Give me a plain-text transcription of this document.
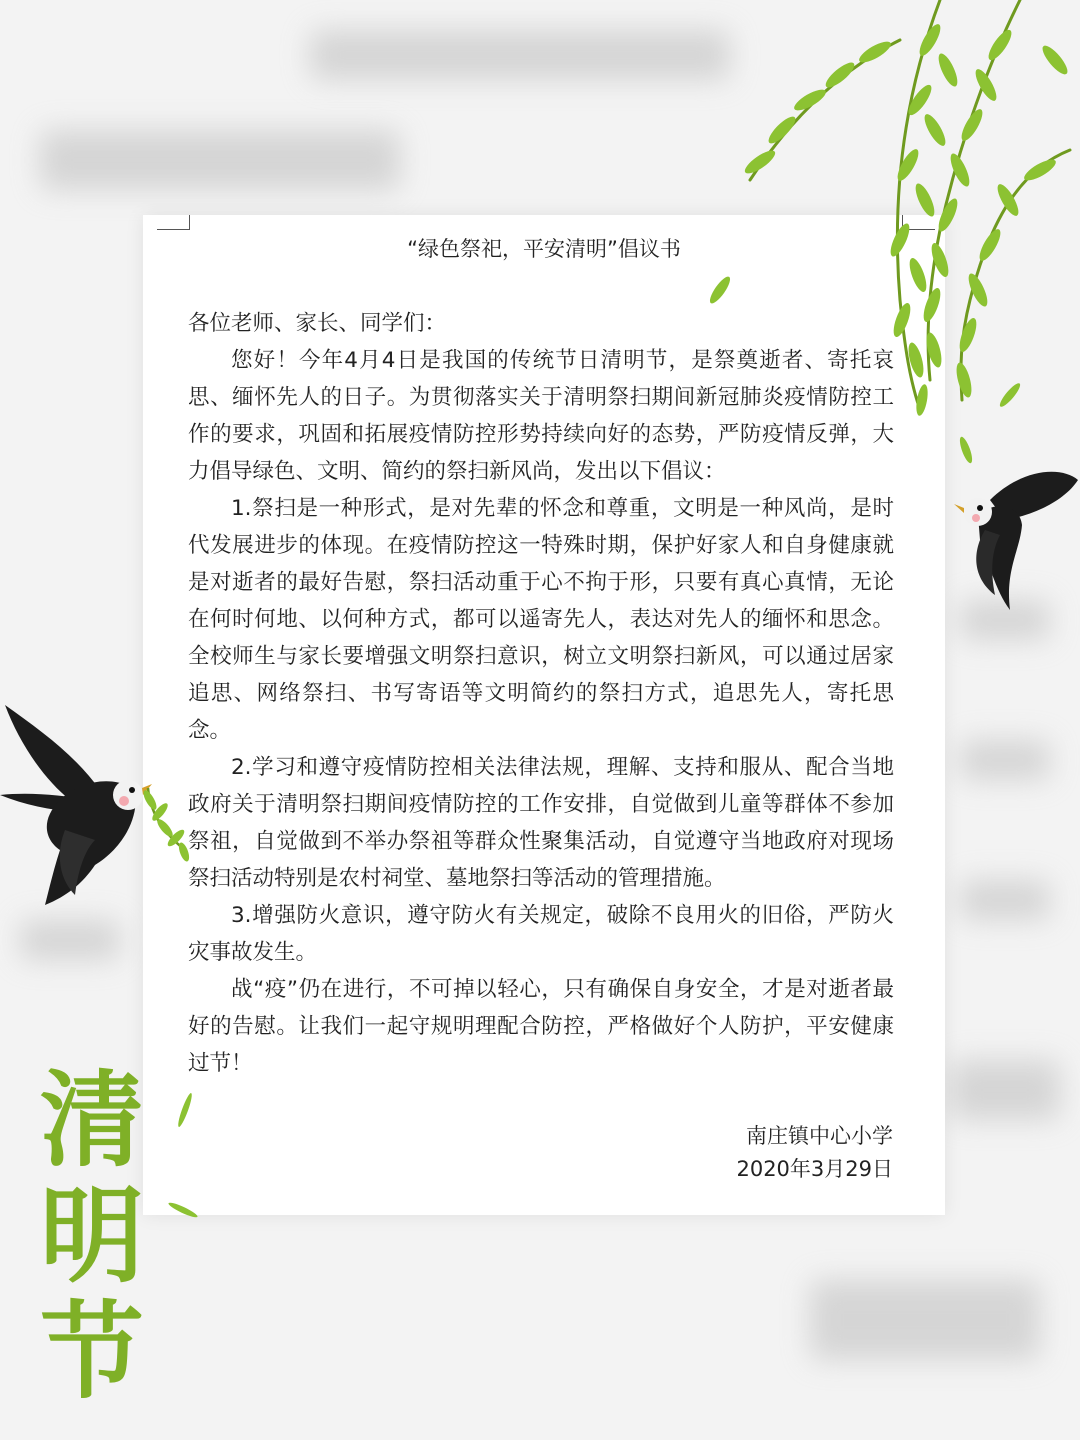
“绿色祭祀，平安清明”倡议书

各位老师、家长、同学们：

您好！今年4月4日是我国的传统节日清明节，是祭奠逝者、寄托哀思、缅怀先人的日子。为贯彻落实关于清明祭扫期间新冠肺炎疫情防控工作的要求，巩固和拓展疫情防控形势持续向好的态势，严防疫情反弹，大力倡导绿色、文明、简约的祭扫新风尚，发出以下倡议：

1.祭扫是一种形式，是对先辈的怀念和尊重，文明是一种风尚，是时代发展进步的体现。在疫情防控这一特殊时期，保护好家人和自身健康就是对逝者的最好告慰，祭扫活动重于心不拘于形，只要有真心真情，无论在何时何地、以何种方式，都可以遥寄先人，表达对先人的缅怀和思念。全校师生与家长要增强文明祭扫意识，树立文明祭扫新风，可以通过居家追思、网络祭扫、书写寄语等文明简约的祭扫方式，追思先人，寄托思念。

2.学习和遵守疫情防控相关法律法规，理解、支持和服从、配合当地政府关于清明祭扫期间疫情防控的工作安排，自觉做到儿童等群体不参加祭祖，自觉做到不举办祭祖等群众性聚集活动，自觉遵守当地政府对现场祭扫活动特别是农村祠堂、墓地祭扫等活动的管理措施。

3.增强防火意识，遵守防火有关规定，破除不良用火的旧俗，严防火灾事故发生。

战“疫”仍在进行，不可掉以轻心，只有确保自身安全，才是对逝者最好的告慰。让我们一起守规明理配合防控，严格做好个人防护，平安健康过节！

南庄镇中心小学
2020年3月29日
清明节
